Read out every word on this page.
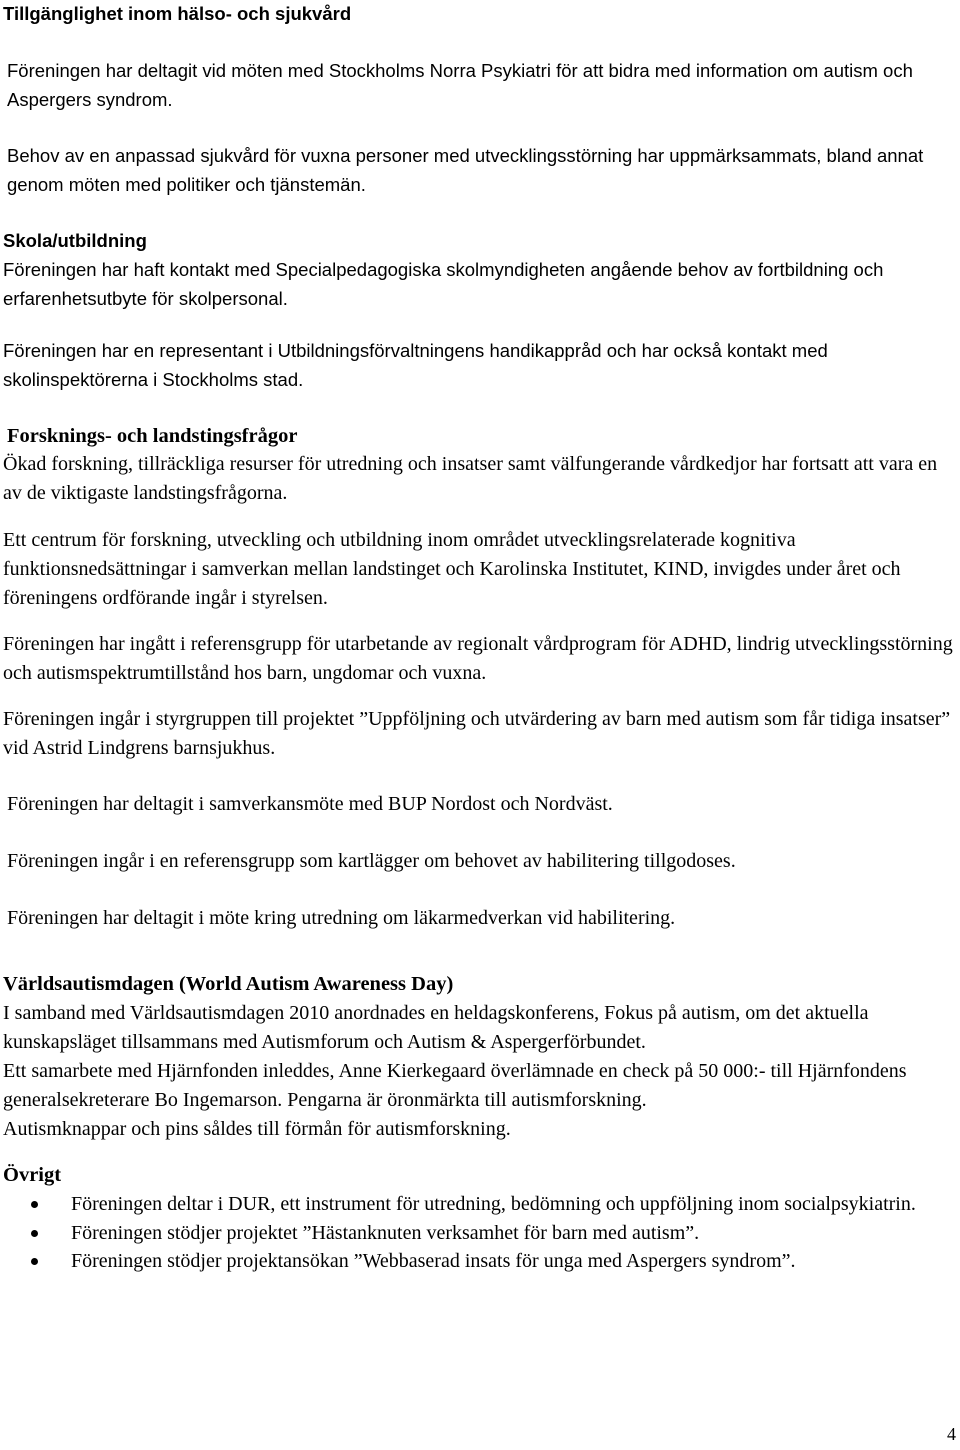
Tillgänglighet inom hälso- och sjukvård

Föreningen har deltagit vid möten med Stockholms Norra Psykiatri för att bidra med information om autism och Aspergers syndrom.

Behov av en anpassad sjukvård för vuxna personer med utvecklingsstörning har uppmärksammats, bland annat genom möten med politiker och tjänstemän.

Skola/utbildning

Föreningen har haft kontakt med Specialpedagogiska skolmyndigheten angående behov av fortbildning och erfarenhetsutbyte för skolpersonal.

Föreningen har en representant i Utbildningsförvaltningens handikappråd och har också kontakt med skolinspektörerna i Stockholms stad.

Forsknings- och landstingsfrågor

Ökad forskning, tillräckliga resurser för utredning och insatser samt välfungerande vårdkedjor har fortsatt att vara en av de viktigaste landstingsfrågorna.

Ett centrum för forskning, utveckling och utbildning inom området utvecklingsrelaterade kognitiva funktionsnedsättningar i samverkan mellan landstinget och Karolinska Institutet, KIND, invigdes under året och föreningens ordförande ingår i styrelsen.

Föreningen har ingått i referensgrupp för utarbetande av regionalt vårdprogram för ADHD, lindrig utvecklingsstörning och autismspektrumtillstånd hos barn, ungdomar och vuxna.

Föreningen ingår i styrgruppen till projektet ”Uppföljning och utvärdering av barn med autism som får tidiga insatser” vid Astrid Lindgrens barnsjukhus.

Föreningen har deltagit i samverkansmöte med BUP Nordost och Nordväst.

Föreningen ingår i en referensgrupp som kartlägger om behovet av habilitering tillgodoses.

Föreningen har deltagit i möte kring utredning om läkarmedverkan vid habilitering.

Världsautismdagen (World Autism Awareness Day)

I samband med Världsautismdagen 2010 anordnades en heldagskonferens, Fokus på autism, om det aktuella kunskapsläget tillsammans med Autismforum och Autism & Aspergerförbundet.

Ett samarbete med Hjärnfonden inleddes, Anne Kierkegaard överlämnade en check på 50 000:- till Hjärnfondens generalsekreterare Bo Ingemarson. Pengarna är öronmärkta till autismforskning.

Autismknappar och pins såldes till förmån för autismforskning.

Övrigt
Föreningen deltar i DUR, ett instrument för utredning, bedömning och uppföljning inom socialpsykiatrin.
Föreningen stödjer projektet ”Hästanknuten verksamhet för barn med autism”.
Föreningen stödjer projektansökan ”Webbaserad insats för unga med Aspergers syndrom”.
4
